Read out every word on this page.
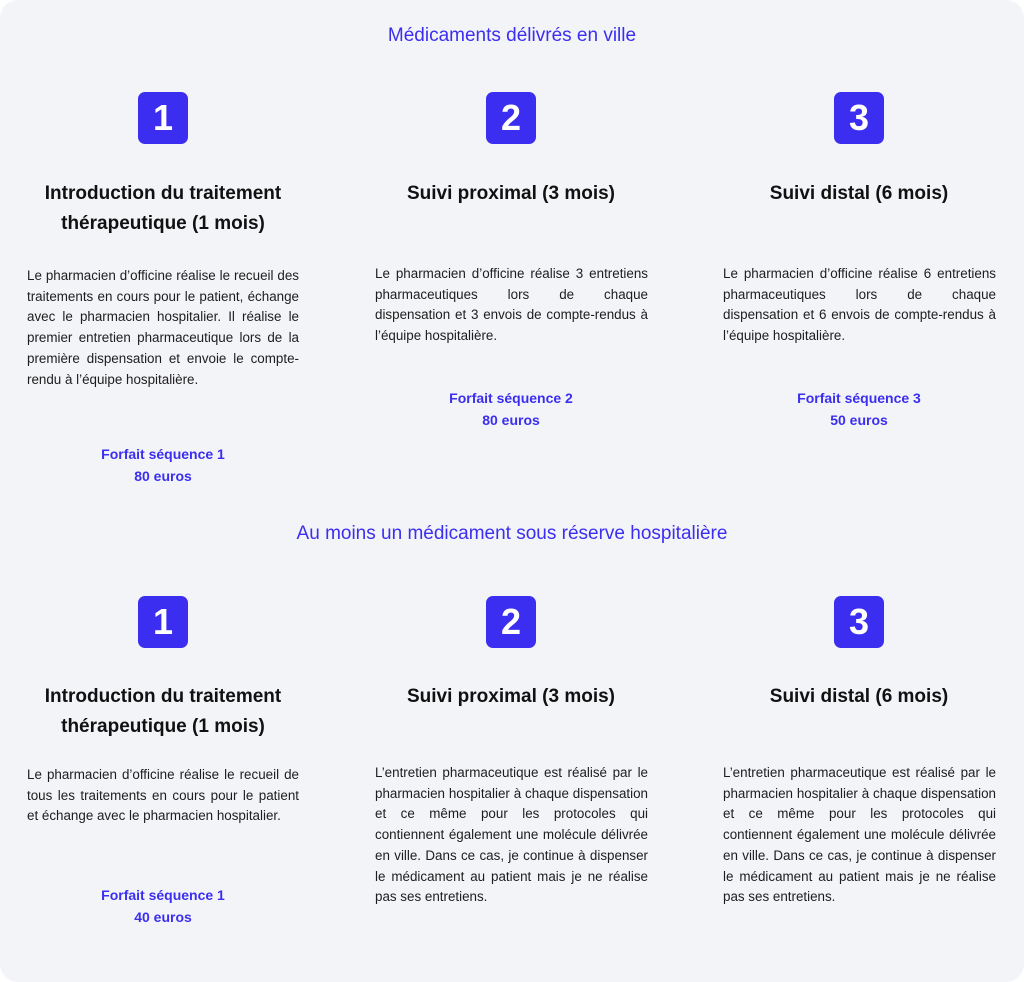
Médicaments délivrés en ville
1
Introduction du traitement
thérapeutique (1 mois)
Le pharmacien d’officine réalise le recueil des traitements en cours pour le patient, échange avec le pharmacien hospitalier. Il réalise le premier entretien pharmaceutique lors de la première dispensation et envoie le compte-rendu à l’équipe hospitalière.
Forfait séquence 1
80 euros
2
Suivi proximal (3 mois)
Le pharmacien d’officine réalise 3 entretiens pharmaceutiques lors de chaque dispensation et 3 envois de compte-rendus à l’équipe hospitalière.
Forfait séquence 2
80 euros
3
Suivi distal (6 mois)
Le pharmacien d’officine réalise 6 entretiens pharmaceutiques lors de chaque dispensation et 6 envois de compte-rendus à l’équipe hospitalière.
Forfait séquence 3
50 euros
Au moins un médicament sous réserve hospitalière
1
Introduction du traitement
thérapeutique (1 mois)
Le pharmacien d’officine réalise le recueil de tous les traitements en cours pour le patient et échange avec le pharmacien hospitalier.
Forfait séquence 1
40 euros
2
Suivi proximal (3 mois)
L’entretien pharmaceutique est réalisé par le pharmacien hospitalier à chaque dispensation et ce même pour les protocoles qui contiennent également une molécule délivrée en ville. Dans ce cas, je continue à dispenser le médicament au patient mais je ne réalise pas ses entretiens.
3
Suivi distal (6 mois)
L’entretien pharmaceutique est réalisé par le pharmacien hospitalier à chaque dispensation et ce même pour les protocoles qui contiennent également une molécule délivrée en ville. Dans ce cas, je continue à dispenser le médicament au patient mais je ne réalise pas ses entretiens.
